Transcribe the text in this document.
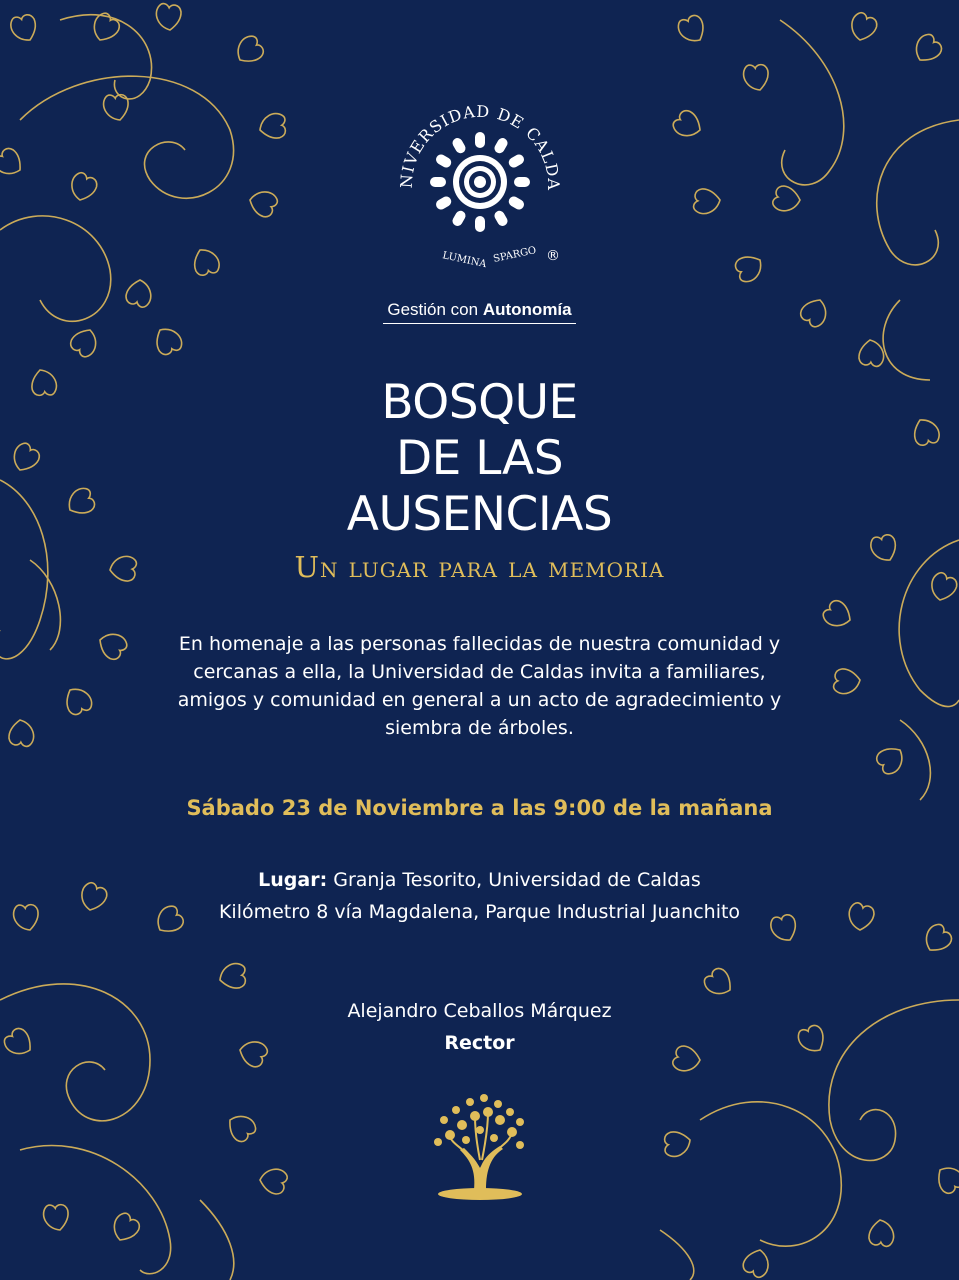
NIVERSIDAD DE CALDA
LUMINA SPARGO ®
Gestión con Autonomía
BOSQUE
DE LAS
AUSENCIAS
Un lugar para la memoria
En homenaje a las personas fallecidas de nuestra comunidad y
cercanas a ella, la Universidad de Caldas invita a familiares,
amigos y comunidad en general a un acto de agradecimiento y
siembra de árboles.
Sábado 23 de Noviembre a las 9:00 de la mañana
Lugar: Granja Tesorito, Universidad de Caldas
Kilómetro 8 vía Magdalena, Parque Industrial Juanchito
Alejandro Ceballos Márquez
Rector
